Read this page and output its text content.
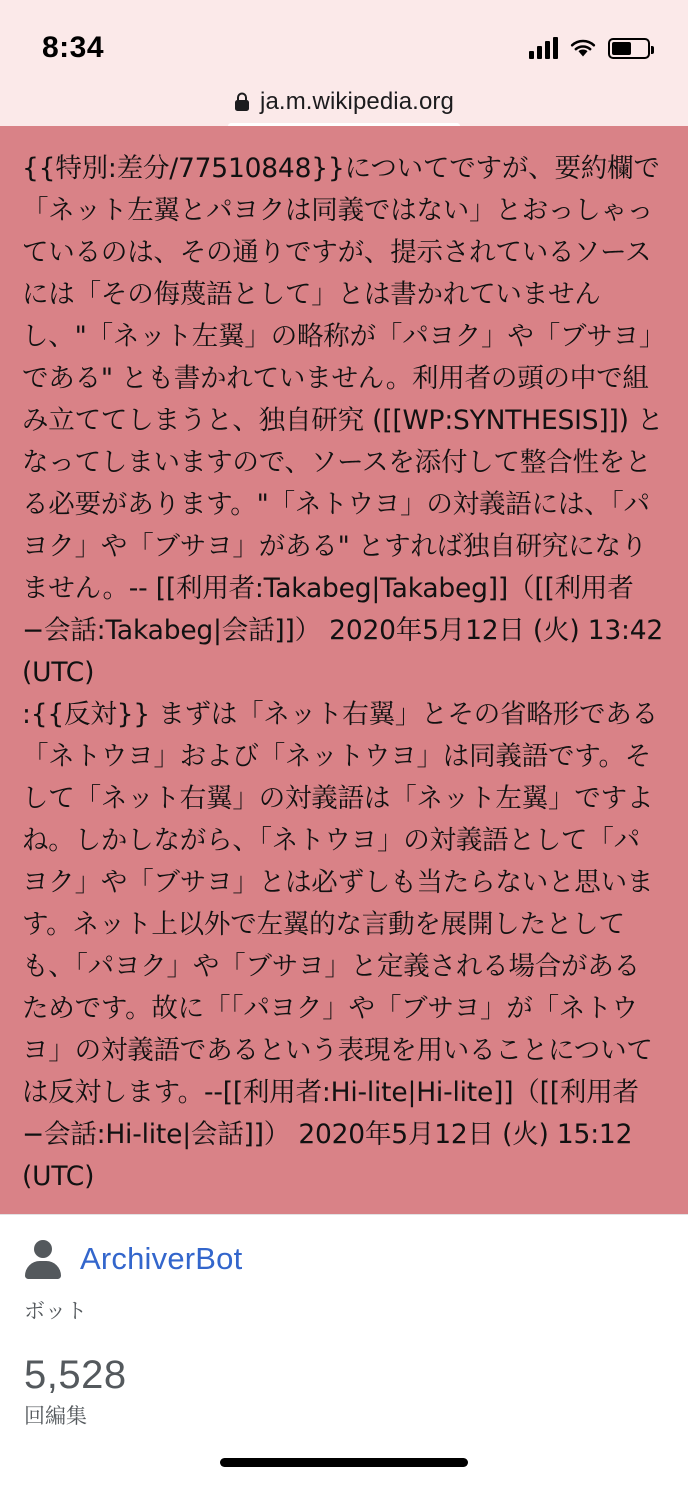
8:34
ja.m.wikipedia.org

{{特別:差分/77510848}}についてですが、要約欄で「ネット左翼とパヨクは同義ではない」とおっしゃっているのは、その通りですが、提示されているソースには「その侮蔑語として」とは書かれていませんし、"「ネット左翼」の略称が「パヨク」や「ブサヨ」である" とも書かれていません。利用者の頭の中で組み立ててしまうと、独自研究 ([[WP:SYNTHESIS]]) となってしまいますので、ソースを添付して整合性をとる必要があります。"「ネトウヨ」の対義語には、「パヨク」や「ブサヨ」がある" とすれば独自研究になりません。-- [[利用者:Takabeg|Takabeg]]（[[利用者−会話:Takabeg|会話]]） 2020年5月12日 (火) 13:42 (UTC)

:{{反対}} まずは「ネット右翼」とその省略形である「ネトウヨ」および「ネットウヨ」は同義語です。そして「ネット右翼」の対義語は「ネット左翼」ですよね。しかしながら、「ネトウヨ」の対義語として「パヨク」や「ブサヨ」とは必ずしも当たらないと思います。ネット上以外で左翼的な言動を展開したとしても、「パヨク」や「ブサヨ」と定義される場合があるためです。故に「「パヨク」や「ブサヨ」が「ネトウヨ」の対義語であるという表現を用いることについては反対します。--[[利用者:Hi-lite|Hi-lite]]（[[利用者−会話:Hi-lite|会話]]） 2020年5月12日 (火) 15:12 (UTC)

ArchiverBot
ボット
5,528
回編集
